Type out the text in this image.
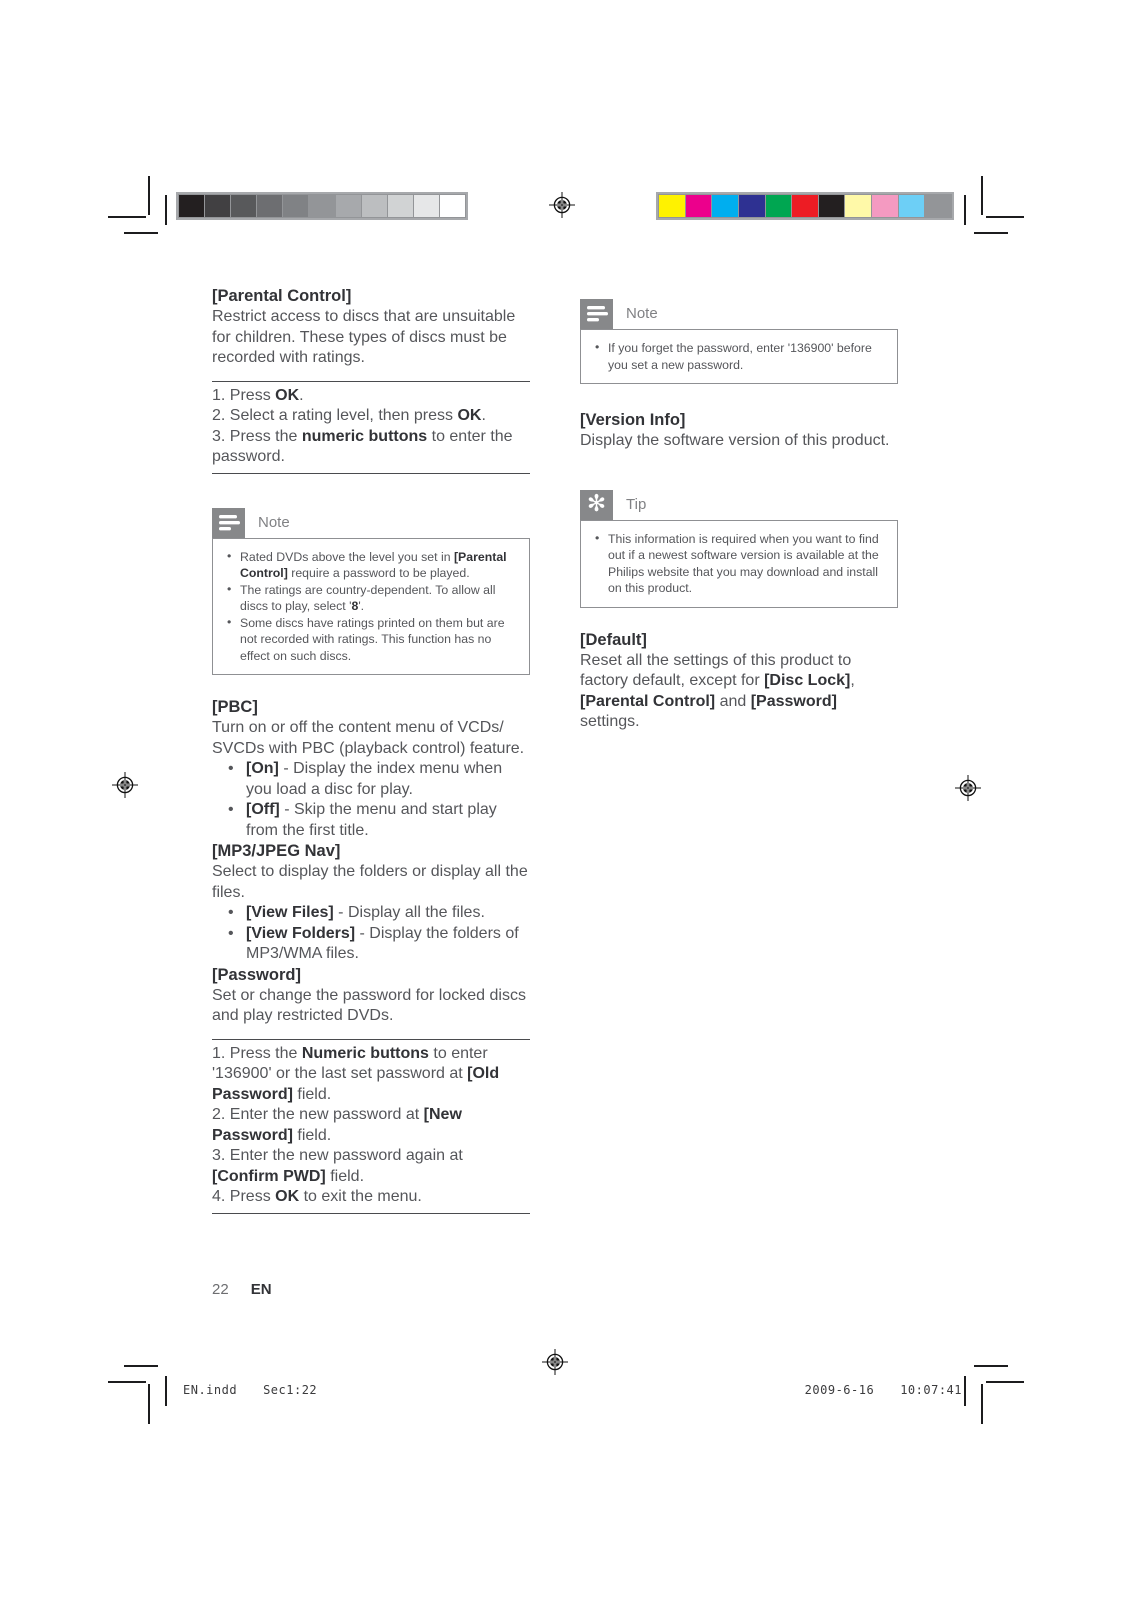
[Parental Control]

Restrict access to discs that are unsuitable for children. These types of discs must be recorded with ratings.

1. Press OK.

2. Select a rating level, then press OK.

3. Press the numeric buttons to enter the password.

Note
• Rated DVDs above the level you set in [Parental Control] require a password to be played.
• The ratings are country-dependent. To allow all discs to play, select '8'.
• Some discs have ratings printed on them but are not recorded with ratings. This function has no effect on such discs.
[PBC]

Turn on or off the content menu of VCDs/ SVCDs with PBC (playback control) feature.

• [On] - Display the index menu when you load a disc for play.
• [Off] - Skip the menu and start play from the first title.
[MP3/JPEG Nav]

Select to display the folders or display all the files.

• [View Files] - Display all the files.
• [View Folders] - Display the folders of MP3/WMA files.
[Password]

Set or change the password for locked discs and play restricted DVDs.

1. Press the Numeric buttons to enter '136900' or the last set password at [Old Password] field.

2. Enter the new password at [New Password] field.

3. Enter the new password again at [Confirm PWD] field.

4. Press OK to exit the menu.

Note
• If you forget the password, enter '136900' before you set a new password.
[Version Info]

Display the software version of this product.

✻ Tip
• This information is required when you want to find out if a newest software version is available at the Philips website that you may download and install on this product.
[Default]

Reset all the settings of this product to factory default, except for [Disc Lock], [Parental Control] and [Password] settings.

22 EN
EN.indd Sec1:22	2009-6-16 10:07:41
